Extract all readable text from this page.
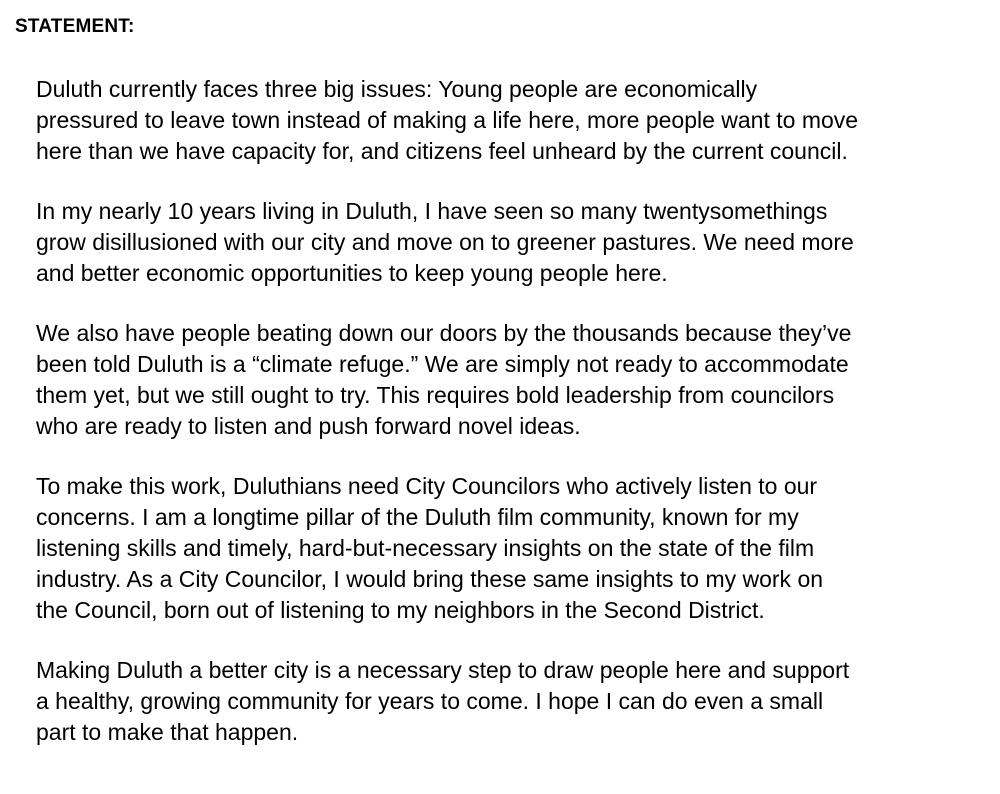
STATEMENT:

Duluth currently faces three big issues: Young people are economically
pressured to leave town instead of making a life here, more people want to move
here than we have capacity for, and citizens feel unheard by the current council.

In my nearly 10 years living in Duluth, I have seen so many twentysomethings
grow disillusioned with our city and move on to greener pastures. We need more
and better economic opportunities to keep young people here.

We also have people beating down our doors by the thousands because they’ve
been told Duluth is a “climate refuge.” We are simply not ready to accommodate
them yet, but we still ought to try. This requires bold leadership from councilors
who are ready to listen and push forward novel ideas.

To make this work, Duluthians need City Councilors who actively listen to our
concerns. I am a longtime pillar of the Duluth film community, known for my
listening skills and timely, hard-but-necessary insights on the state of the film
industry. As a City Councilor, I would bring these same insights to my work on
the Council, born out of listening to my neighbors in the Second District.

Making Duluth a better city is a necessary step to draw people here and support
a healthy, growing community for years to come. I hope I can do even a small
part to make that happen.
